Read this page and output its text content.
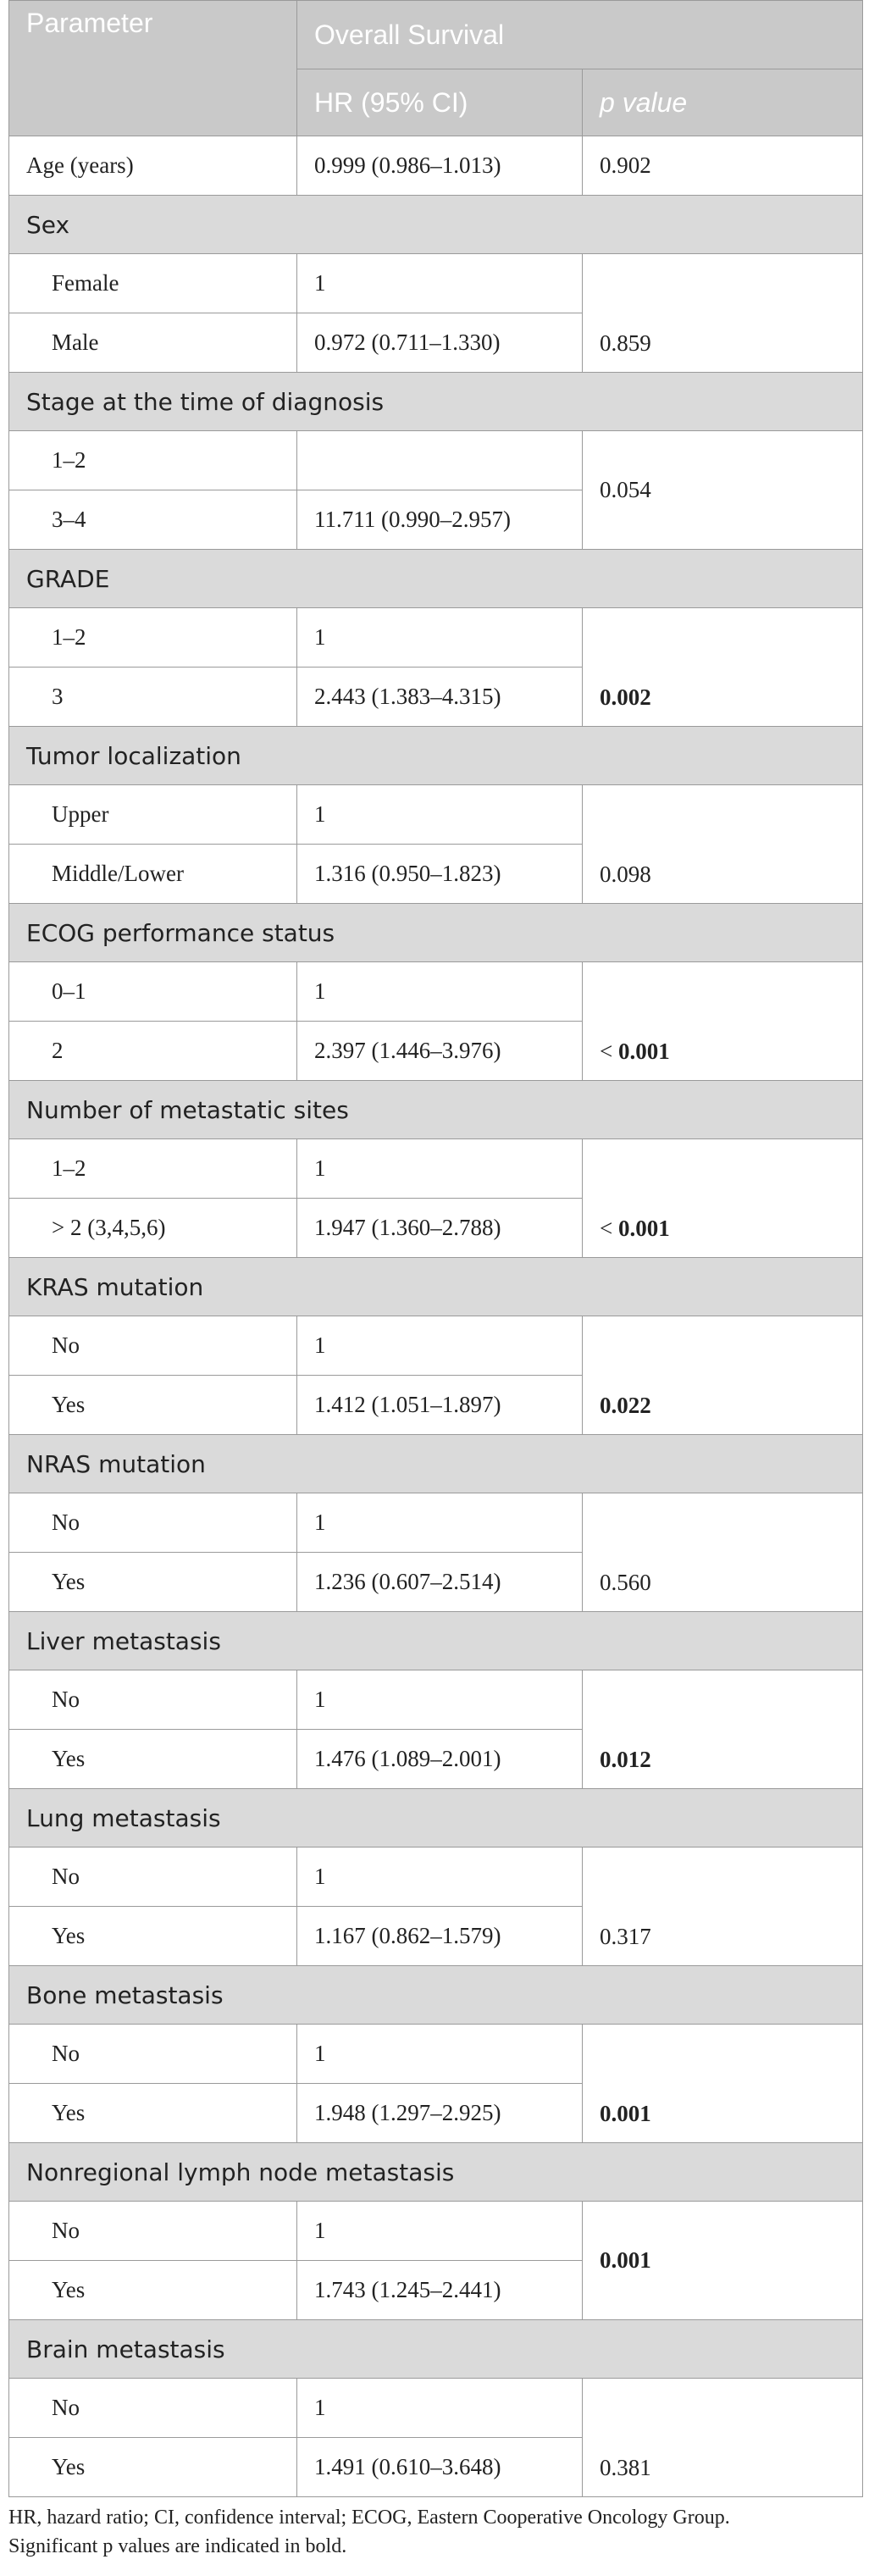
Parameter	Overall Survival	
	HR (95% CI)	p value
Age (years)	0.999 (0.986–1.013)	0.902
Sex		
Female	1	0.859
Male	0.972 (0.711–1.330)	
Stage at the time of diagnosis		
1–2		0.054
3–4	11.711 (0.990–2.957)	
GRADE		
1–2	1	0.002
3	2.443 (1.383–4.315)	
Tumor localization		
Upper	1	0.098
Middle/Lower	1.316 (0.950–1.823)	
ECOG performance status		
0–1	1	< 0.001
2	2.397 (1.446–3.976)	
Number of metastatic sites		
1–2	1	< 0.001
> 2 (3,4,5,6)	1.947 (1.360–2.788)	
KRAS mutation		
No	1	0.022
Yes	1.412 (1.051–1.897)	
NRAS mutation		
No	1	0.560
Yes	1.236 (0.607–2.514)	
Liver metastasis		
No	1	0.012
Yes	1.476 (1.089–2.001)	
Lung metastasis		
No	1	0.317
Yes	1.167 (0.862–1.579)	
Bone metastasis		
No	1	0.001
Yes	1.948 (1.297–2.925)	
Nonregional lymph node metastasis		
No	1	0.001
Yes	1.743 (1.245–2.441)	
Brain metastasis		
No	1	0.381
Yes	1.491 (0.610–3.648)	

HR, hazard ratio; CI, confidence interval; ECOG, Eastern Cooperative Oncology Group.

Significant p values are indicated in bold.
